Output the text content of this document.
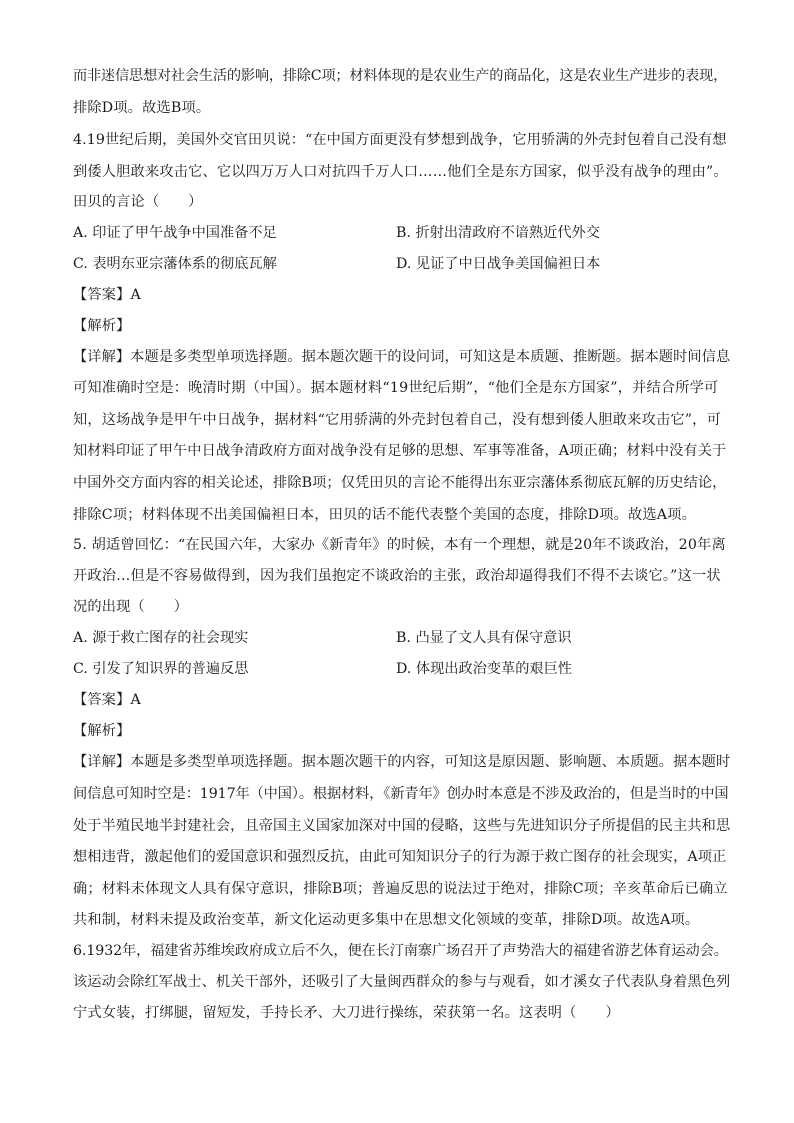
而非迷信思想对社会生活的影响，排除C项；材料体现的是农业生产的商品化，这是农业生产进步的表现，
排除D项。故选B项。
4.19世纪后期，美国外交官田贝说：“在中国方面更没有梦想到战争，它用骄满的外壳封包着自己没有想
到倭人胆敢来攻击它、它以四万万人口对抗四千万人口……他们全是东方国家，似乎没有战争的理由”。
田贝的言论（　　）
A. 印证了甲午战争中国准备不足	B. 折射出清政府不谙熟近代外交
C. 表明东亚宗藩体系的彻底瓦解	D. 见证了中日战争美国偏袒日本
【答案】A
【解析】
【详解】本题是多类型单项选择题。据本题次题干的设问词，可知这是本质题、推断题。据本题时间信息
可知准确时空是：晚清时期（中国）。据本题材料“19世纪后期”，“他们全是东方国家”，并结合所学可
知，这场战争是甲午中日战争，据材料“它用骄满的外壳封包着自己，没有想到倭人胆敢来攻击它”，可
知材料印证了甲午中日战争清政府方面对战争没有足够的思想、军事等准备，A项正确；材料中没有关于
中国外交方面内容的相关论述，排除B项；仅凭田贝的言论不能得出东亚宗藩体系彻底瓦解的历史结论，
排除C项；材料体现不出美国偏袒日本，田贝的话不能代表整个美国的态度，排除D项。故选A项。
5. 胡适曾回忆：“在民国六年，大家办《新青年》的时候，本有一个理想，就是20年不谈政治，20年离
开政治…但是不容易做得到，因为我们虽抱定不谈政治的主张，政治却逼得我们不得不去谈它。”这一状
况的出现（　　）
A. 源于救亡图存的社会现实	B. 凸显了文人具有保守意识
C. 引发了知识界的普遍反思	D. 体现出政治变革的艰巨性
【答案】A
【解析】
【详解】本题是多类型单项选择题。据本题次题干的内容，可知这是原因题、影响题、本质题。据本题时
间信息可知时空是：1917年（中国）。根据材料，《新青年》创办时本意是不涉及政治的，但是当时的中国
处于半殖民地半封建社会，且帝国主义国家加深对中国的侵略，这些与先进知识分子所提倡的民主共和思
想相违背，激起他们的爱国意识和强烈反抗，由此可知知识分子的行为源于救亡图存的社会现实，A项正
确；材料未体现文人具有保守意识，排除B项；普遍反思的说法过于绝对，排除C项；辛亥革命后已确立
共和制，材料未提及政治变革，新文化运动更多集中在思想文化领域的变革，排除D项。故选A项。
6.1932年，福建省苏维埃政府成立后不久，便在长汀南寨广场召开了声势浩大的福建省游艺体育运动会。
该运动会除红军战士、机关干部外，还吸引了大量闽西群众的参与与观看，如才溪女子代表队身着黑色列
宁式女装，打绑腿，留短发，手持长矛、大刀进行操练，荣获第一名。这表明（　　）
